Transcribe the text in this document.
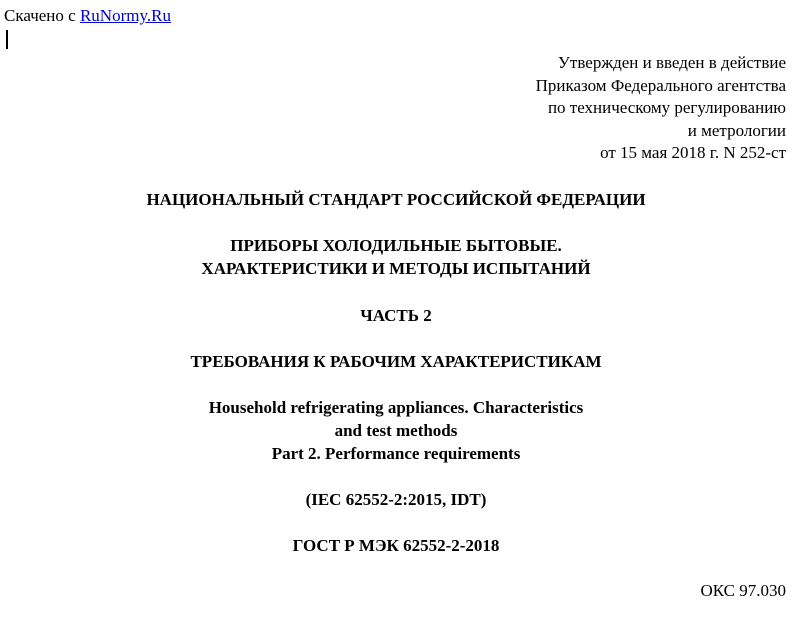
Скачено с RuNormy.Ru
Утвержден и введен в действие
Приказом Федерального агентства
по техническому регулированию
и метрологии
от 15 мая 2018 г. N 252-ст
НАЦИОНАЛЬНЫЙ СТАНДАРТ РОССИЙСКОЙ ФЕДЕРАЦИИ
ПРИБОРЫ ХОЛОДИЛЬНЫЕ БЫТОВЫЕ.
ХАРАКТЕРИСТИКИ И МЕТОДЫ ИСПЫТАНИЙ
ЧАСТЬ 2
ТРЕБОВАНИЯ К РАБОЧИМ ХАРАКТЕРИСТИКАМ
Household refrigerating appliances. Characteristics
and test methods
Part 2. Performance requirements
(IEC 62552-2:2015, IDT)
ГОСТ Р МЭК 62552-2-2018
ОКС 97.030
